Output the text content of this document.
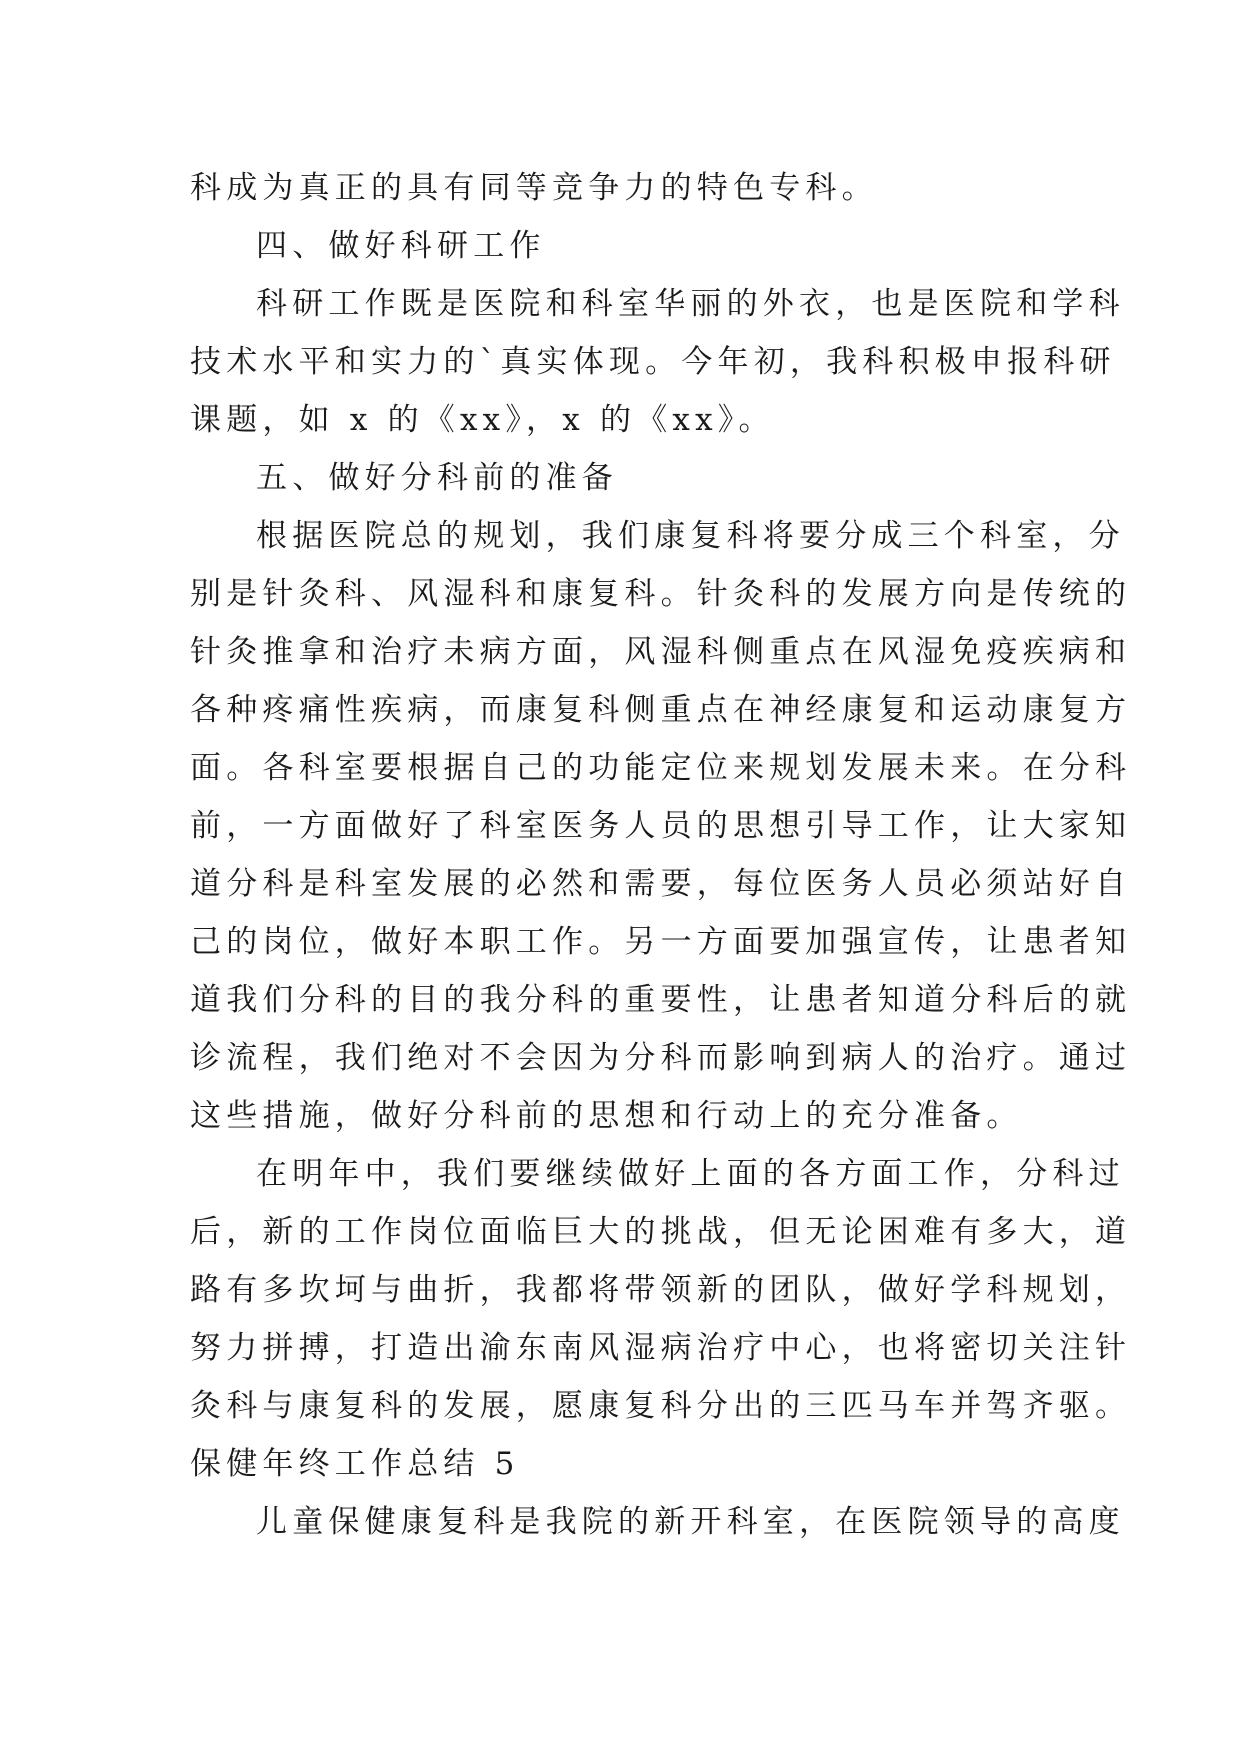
科成为真正的具有同等竞争力的特色专科。
四、做好科研工作
科研工作既是医院和科室华丽的外衣，也是医院和学科
技术水平和实力的`真实体现。今年初，我科积极申报科研
课题，如 x 的《xx》，x 的《xx》。
五、做好分科前的准备
根据医院总的规划，我们康复科将要分成三个科室，分
别是针灸科、风湿科和康复科。针灸科的发展方向是传统的
针灸推拿和治疗未病方面，风湿科侧重点在风湿免疫疾病和
各种疼痛性疾病，而康复科侧重点在神经康复和运动康复方
面。各科室要根据自己的功能定位来规划发展未来。在分科
前，一方面做好了科室医务人员的思想引导工作，让大家知
道分科是科室发展的必然和需要，每位医务人员必须站好自
己的岗位，做好本职工作。另一方面要加强宣传，让患者知
道我们分科的目的我分科的重要性，让患者知道分科后的就
诊流程，我们绝对不会因为分科而影响到病人的治疗。通过
这些措施，做好分科前的思想和行动上的充分准备。
在明年中，我们要继续做好上面的各方面工作，分科过
后，新的工作岗位面临巨大的挑战，但无论困难有多大，道
路有多坎坷与曲折，我都将带领新的团队，做好学科规划，
努力拼搏，打造出渝东南风湿病治疗中心，也将密切关注针
灸科与康复科的发展，愿康复科分出的三匹马车并驾齐驱。
保健年终工作总结 5
儿童保健康复科是我院的新开科室，在医院领导的高度
